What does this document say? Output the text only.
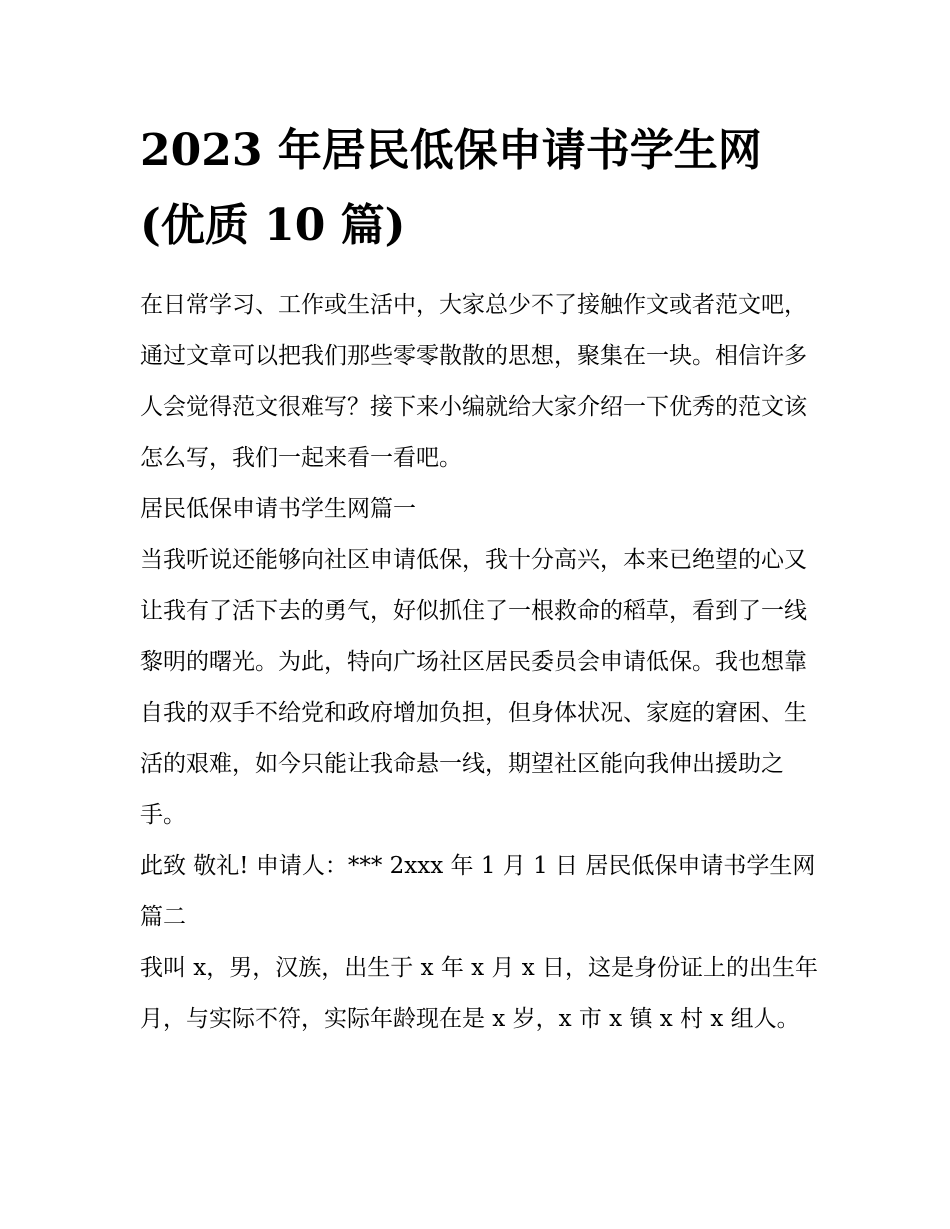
2023 年居民低保申请书学生网(优质 10 篇)

在日常学习、工作或生活中，大家总少不了接触作文或者范文吧，通过文章可以把我们那些零零散散的思想，聚集在一块。相信许多人会觉得范文很难写？接下来小编就给大家介绍一下优秀的范文该怎么写，我们一起来看一看吧。

居民低保申请书学生网篇一

当我听说还能够向社区申请低保，我十分高兴，本来已绝望的心又让我有了活下去的勇气，好似抓住了一根救命的稻草，看到了一线黎明的曙光。为此，特向广场社区居民委员会申请低保。我也想靠自我的双手不给党和政府增加负担，但身体状况、家庭的窘困、生活的艰难，如今只能让我命悬一线，期望社区能向我伸出援助之手。

此致 敬礼! 申请人：*** 2xxx 年 1 月 1 日 居民低保申请书学生网篇二

我叫 x，男，汉族，出生于 x 年 x 月 x 日，这是身份证上的出生年月，与实际不符，实际年龄现在是 x 岁，x 市 x 镇 x 村 x 组人。
